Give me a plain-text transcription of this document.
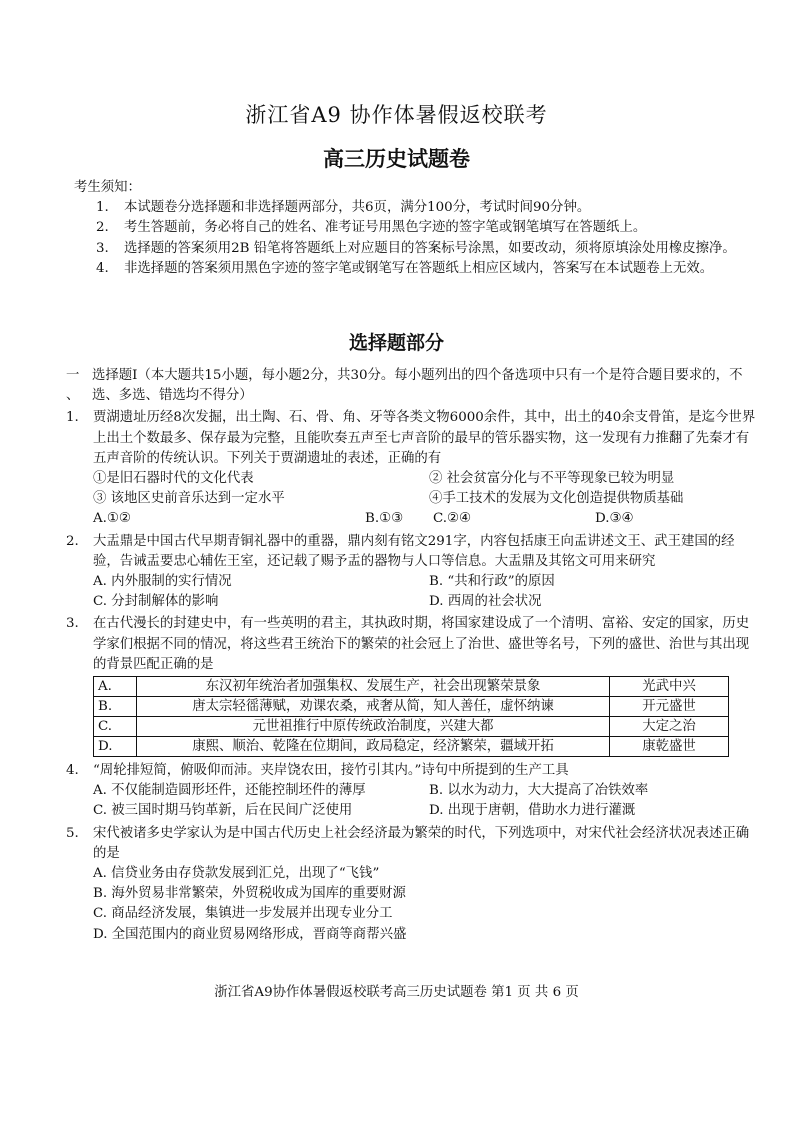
浙江省A9 协作体暑假返校联考
高三历史试题卷
考生须知：
1.	本试题卷分选择题和非选择题两部分，共6页，满分100分，考试时间90分钟。
2.	考生答题前，务必将自己的姓名、准考证号用黑色字迹的签字笔或钢笔填写在答题纸上。
3.	选择题的答案须用2B 铅笔将答题纸上对应题目的答案标号涂黑，如要改动，须将原填涂处用橡皮擦净。
4.	非选择题的答案须用黑色字迹的签字笔或钢笔写在答题纸上相应区域内，答案写在本试题卷上无效。
选择题部分
一 、
选择题Ⅰ（本大题共15小题，每小题2分，共30分。每小题列出的四个备选项中只有一个是符合题目要求的，不选、多选、错选均不得分）
1.	贾湖遗址历经8次发掘，出土陶、石、骨、角、牙等各类文物6000余件，其中，出土的40余支骨笛，是迄今世界上出土个数最多、保存最为完整，且能吹奏五声至七声音阶的最早的管乐器实物，这一发现有力推翻了先秦才有五声音阶的传统认识。下列关于贾湖遗址的表述，正确的有
①是旧石器时代的文化代表	② 社会贫富分化与不平等现象已较为明显
③ 该地区史前音乐达到一定水平	④手工技术的发展为文化创造提供物质基础
A.①②	B.①③	C.②④	D.③④
2.	大盂鼎是中国古代早期青铜礼器中的重器，鼎内刻有铭文291字，内容包括康王向盂讲述文王、武王建国的经验，告诫盂要忠心辅佐王室，还记载了赐予盂的器物与人口等信息。大盂鼎及其铭文可用来研究
A. 内外服制的实行情况	B. “共和行政”的原因
C. 分封制解体的影响	D. 西周的社会状况
3.	在古代漫长的封建史中，有一些英明的君主，其执政时期，将国家建设成了一个清明、富裕、安定的国家，历史学家们根据不同的情况，将这些君王统治下的繁荣的社会冠上了治世、盛世等名号，下列的盛世、治世与其出现的背景匹配正确的是
A.	东汉初年统治者加强集权、发展生产，社会出现繁荣景象	光武中兴
B.	唐太宗轻徭薄赋，劝课农桑，戒奢从简，知人善任，虚怀纳谏	开元盛世
C.	元世祖推行中原传统政治制度，兴建大都	大定之治
D.	康熙、顺治、乾隆在位期间，政局稳定，经济繁荣，疆域开拓	康乾盛世
4.	“周轮排短简，俯吸仰而沛。夹岸饶农田，接竹引其内。”诗句中所提到的生产工具
A. 不仅能制造圆形坯件，还能控制坯件的薄厚	B. 以水为动力，大大提高了冶铁效率
C. 被三国时期马钧革新，后在民间广泛使用	D. 出现于唐朝，借助水力进行灌溉
5.	宋代被诸多史学家认为是中国古代历史上社会经济最为繁荣的时代，下列选项中，对宋代社会经济状况表述正确的是
A. 信贷业务由存贷款发展到汇兑，出现了“飞钱”
B. 海外贸易非常繁荣，外贸税收成为国库的重要财源
C. 商品经济发展，集镇进一步发展并出现专业分工
D. 全国范围内的商业贸易网络形成，晋商等商帮兴盛
浙江省A9协作体暑假返校联考高三历史试题卷 第1 页 共 6 页
